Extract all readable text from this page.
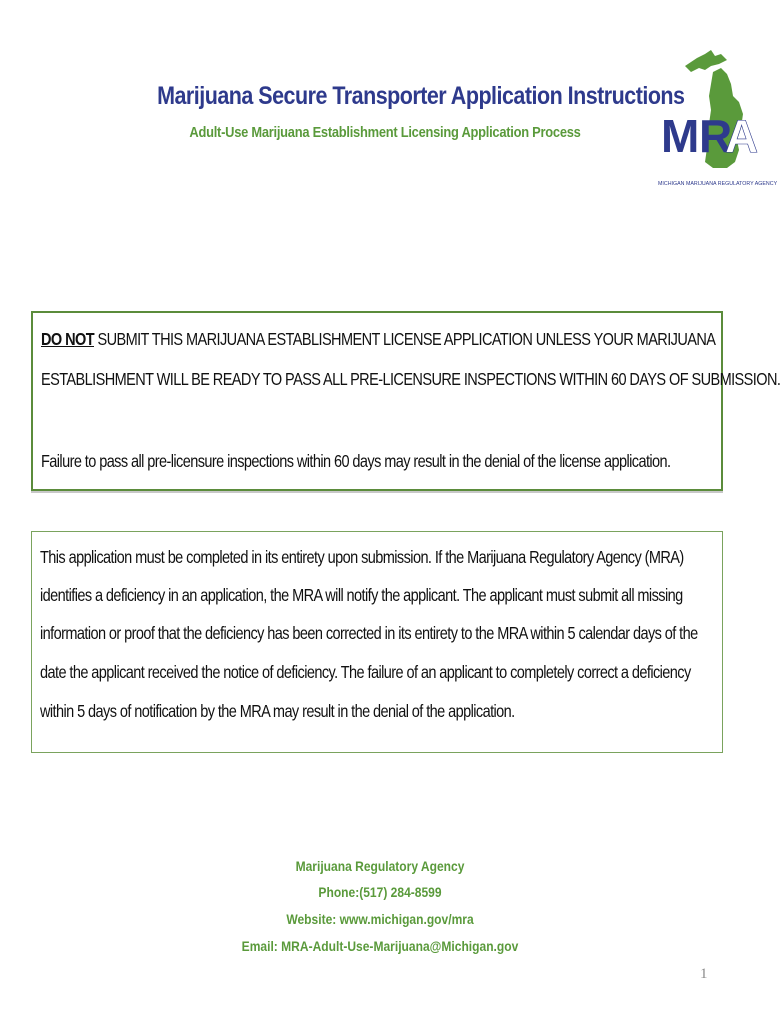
Marijuana Secure Transporter Application Instructions
Adult-Use Marijuana Establishment Licensing Application Process	M R
A
MICHIGAN MARIJUANA REGULATORY AGENCY
DO NOT SUBMIT THIS MARIJUANA ESTABLISHMENT LICENSE APPLICATION UNLESS YOUR MARIJUANA
ESTABLISHMENT WILL BE READY TO PASS ALL PRE-LICENSURE INSPECTIONS WITHIN 60 DAYS OF SUBMISSION.
Failure to pass all pre-licensure inspections within 60 days may result in the denial of the license application.
This application must be completed in its entirety upon submission. If the Marijuana Regulatory Agency (MRA)
identifies a deficiency in an application, the MRA will notify the applicant. The applicant must submit all missing
information or proof that the deficiency has been corrected in its entirety to the MRA within 5 calendar days of the
date the applicant received the notice of deficiency. The failure of an applicant to completely correct a deficiency
within 5 days of notification by the MRA may result in the denial of the application.
Marijuana Regulatory Agency
Phone:(517) 284-8599
Website: www.michigan.gov/mra
Email: MRA-Adult-Use-Marijuana@Michigan.gov
1
